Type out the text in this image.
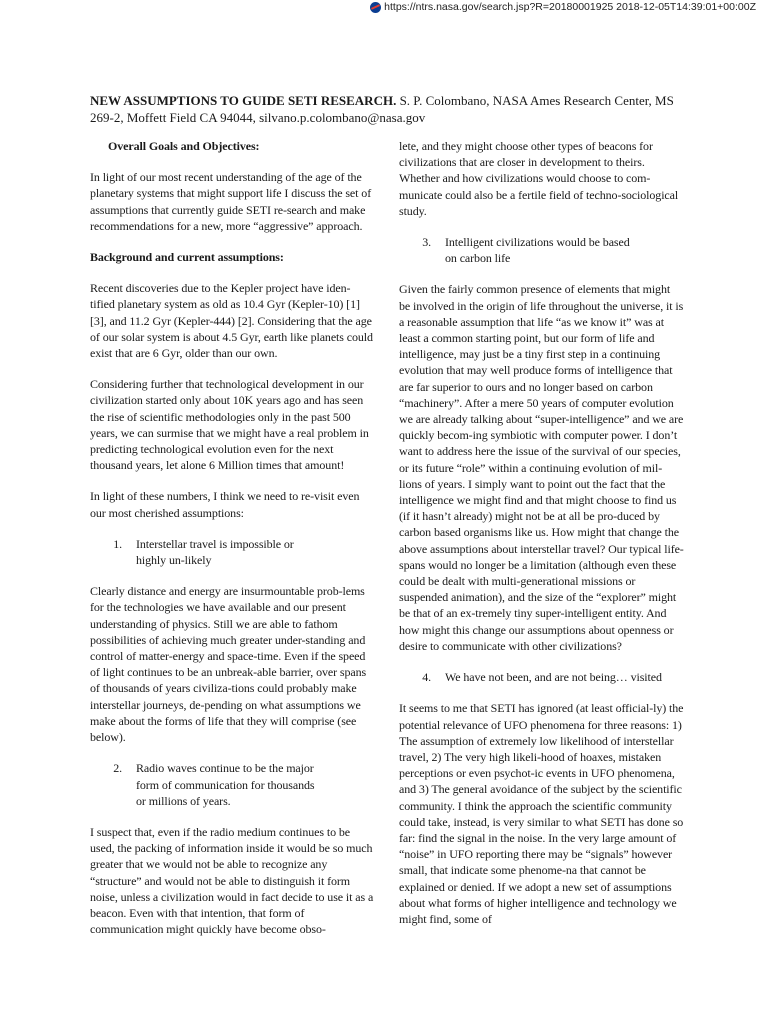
https://ntrs.nasa.gov/search.jsp?R=20180001925 2018-12-05T14:39:01+00:00Z
NEW ASSUMPTIONS TO GUIDE SETI RESEARCH. S. P. Colombano, NASA Ames Research Center, MS 269-2, Moffett Field CA 94044, silvano.p.colombano@nasa.gov
Overall Goals and Objectives:

In light of our most recent understanding of the age of the planetary systems that might support life I discuss the set of assumptions that currently guide SETI re-search and make recommendations for a new, more “aggressive” approach.

Background and current assumptions:

Recent discoveries due to the Kepler project have iden-tified planetary system as old as 10.4 Gyr (Kepler-10) [1] [3], and 11.2 Gyr (Kepler-444) [2]. Considering that the age of our solar system is about 4.5 Gyr, earth like planets could exist that are 6 Gyr, older than our own.

Considering further that technological development in our civilization started only about 10K years ago and has seen the rise of scientific methodologies only in the past 500 years, we can surmise that we might have a real problem in predicting technological evolution even for the next thousand years, let alone 6 Million times that amount!

In light of these numbers, I think we need to re-visit even our most cherished assumptions:

1.	Interstellar travel is impossible or highly un-likely

Clearly distance and energy are insurmountable prob-lems for the technologies we have available and our present understanding of physics. Still we are able to fathom possibilities of achieving much greater under-standing and control of matter-energy and space-time. Even if the speed of light continues to be an unbreak-able barrier, over spans of thousands of years civiliza-tions could probably make interstellar journeys, de-pending on what assumptions we make about the forms of life that they will comprise (see below).

2.	Radio waves continue to be the major form of communication for thousands or millions of years.

I suspect that, even if the radio medium continues to be used, the packing of information inside it would be so much greater that we would not be able to recognize any “structure” and would not be able to distinguish it form noise, unless a civilization would in fact decide to use it as a beacon. Even with that intention, that form of communication might quickly have become obso-

lete, and they might choose other types of beacons for civilizations that are closer in development to theirs. Whether and how civilizations would choose to com-municate could also be a fertile field of techno-sociological study.

3.	Intelligent civilizations would be based on carbon life

Given the fairly common presence of elements that might be involved in the origin of life throughout the universe, it is a reasonable assumption that life “as we know it” was at least a common starting point, but our form of life and intelligence, may just be a tiny first step in a continuing evolution that may well produce forms of intelligence that are far superior to ours and no longer based on carbon “machinery”. After a mere 50 years of computer evolution we are already talking about “super-intelligence” and we are quickly becom-ing symbiotic with computer power. I don’t want to address here the issue of the survival of our species, or its future “role” within a continuing evolution of mil-lions of years. I simply want to point out the fact that the intelligence we might find and that might choose to find us (if it hasn’t already) might not be at all be pro-duced by carbon based organisms like us. How might that change the above assumptions about interstellar travel? Our typical life-spans would no longer be a limitation (although even these could be dealt with multi-generational missions or suspended animation), and the size of the “explorer” might be that of an ex-tremely tiny super-intelligent entity. And how might this change our assumptions about openness or desire to communicate with other civilizations?

4.	We have not been, and are not being… visited

It seems to me that SETI has ignored (at least official-ly) the potential relevance of UFO phenomena for three reasons: 1) The assumption of extremely low likelihood of interstellar travel, 2) The very high likeli-hood of hoaxes, mistaken perceptions or even psychot-ic events in UFO phenomena, and 3) The general avoidance of the subject by the scientific community. I think the approach the scientific community could take, instead, is very similar to what SETI has done so far: find the signal in the noise. In the very large amount of “noise” in UFO reporting there may be “signals” however small, that indicate some phenome-na that cannot be explained or denied. If we adopt a new set of assumptions about what forms of higher intelligence and technology we might find, some of
